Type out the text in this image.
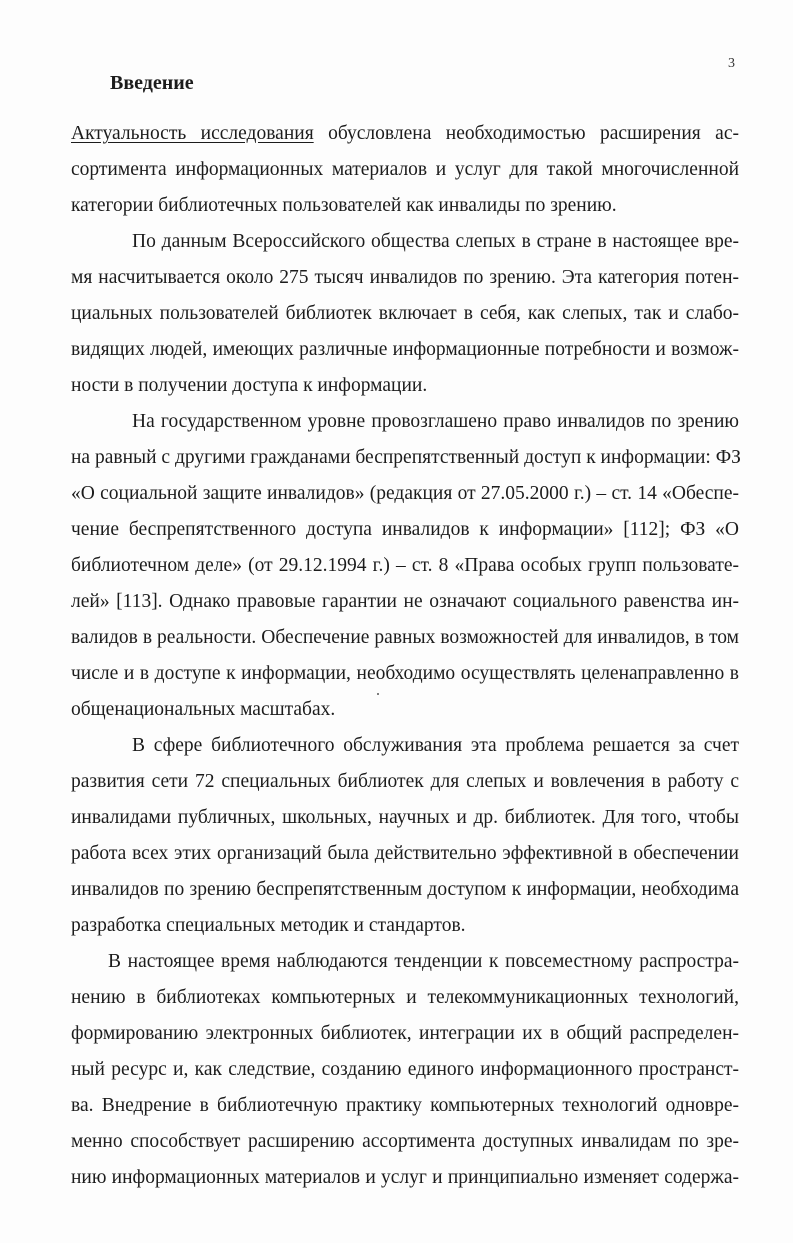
3
Введение
Актуальность исследования обусловлена необходимостью расширения ас-
сортимента информационных материалов и услуг для такой многочисленной
категории библиотечных пользователей как инвалиды по зрению.
По данным Всероссийского общества слепых в стране в настоящее вре-
мя насчитывается около 275 тысяч инвалидов по зрению. Эта категория потен-
циальных пользователей библиотек включает в себя, как слепых, так и слабо-
видящих людей, имеющих различные информационные потребности и возмож-
ности в получении доступа к информации.
На государственном уровне провозглашено право инвалидов по зрению
на равный с другими гражданами беспрепятственный доступ к информации: ФЗ
«О социальной защите инвалидов» (редакция от 27.05.2000 г.) – ст. 14 «Обеспе-
чение беспрепятственного доступа инвалидов к информации» [112]; ФЗ «О
библиотечном деле» (от 29.12.1994 г.) – ст. 8 «Права особых групп пользовате-
лей» [113]. Однако правовые гарантии не означают социального равенства ин-
валидов в реальности. Обеспечение равных возможностей для инвалидов, в том
числе и в доступе к информации, необходимо осуществлять целенаправленно в
общенациональных масштабах.
В сфере библиотечного обслуживания эта проблема решается за счет
развития сети 72 специальных библиотек для слепых и вовлечения в работу с
инвалидами публичных, школьных, научных и др. библиотек. Для того, чтобы
работа всех этих организаций была действительно эффективной в обеспечении
инвалидов по зрению беспрепятственным доступом к информации, необходима
разработка специальных методик и стандартов.
В настоящее время наблюдаются тенденции к повсеместному распростра-
нению в библиотеках компьютерных и телекоммуникационных технологий,
формированию электронных библиотек, интеграции их в общий распределен-
ный ресурс и, как следствие, созданию единого информационного пространст-
ва. Внедрение в библиотечную практику компьютерных технологий одновре-
менно способствует расширению ассортимента доступных инвалидам по зре-
нию информационных материалов и услуг и принципиально изменяет содержа-
